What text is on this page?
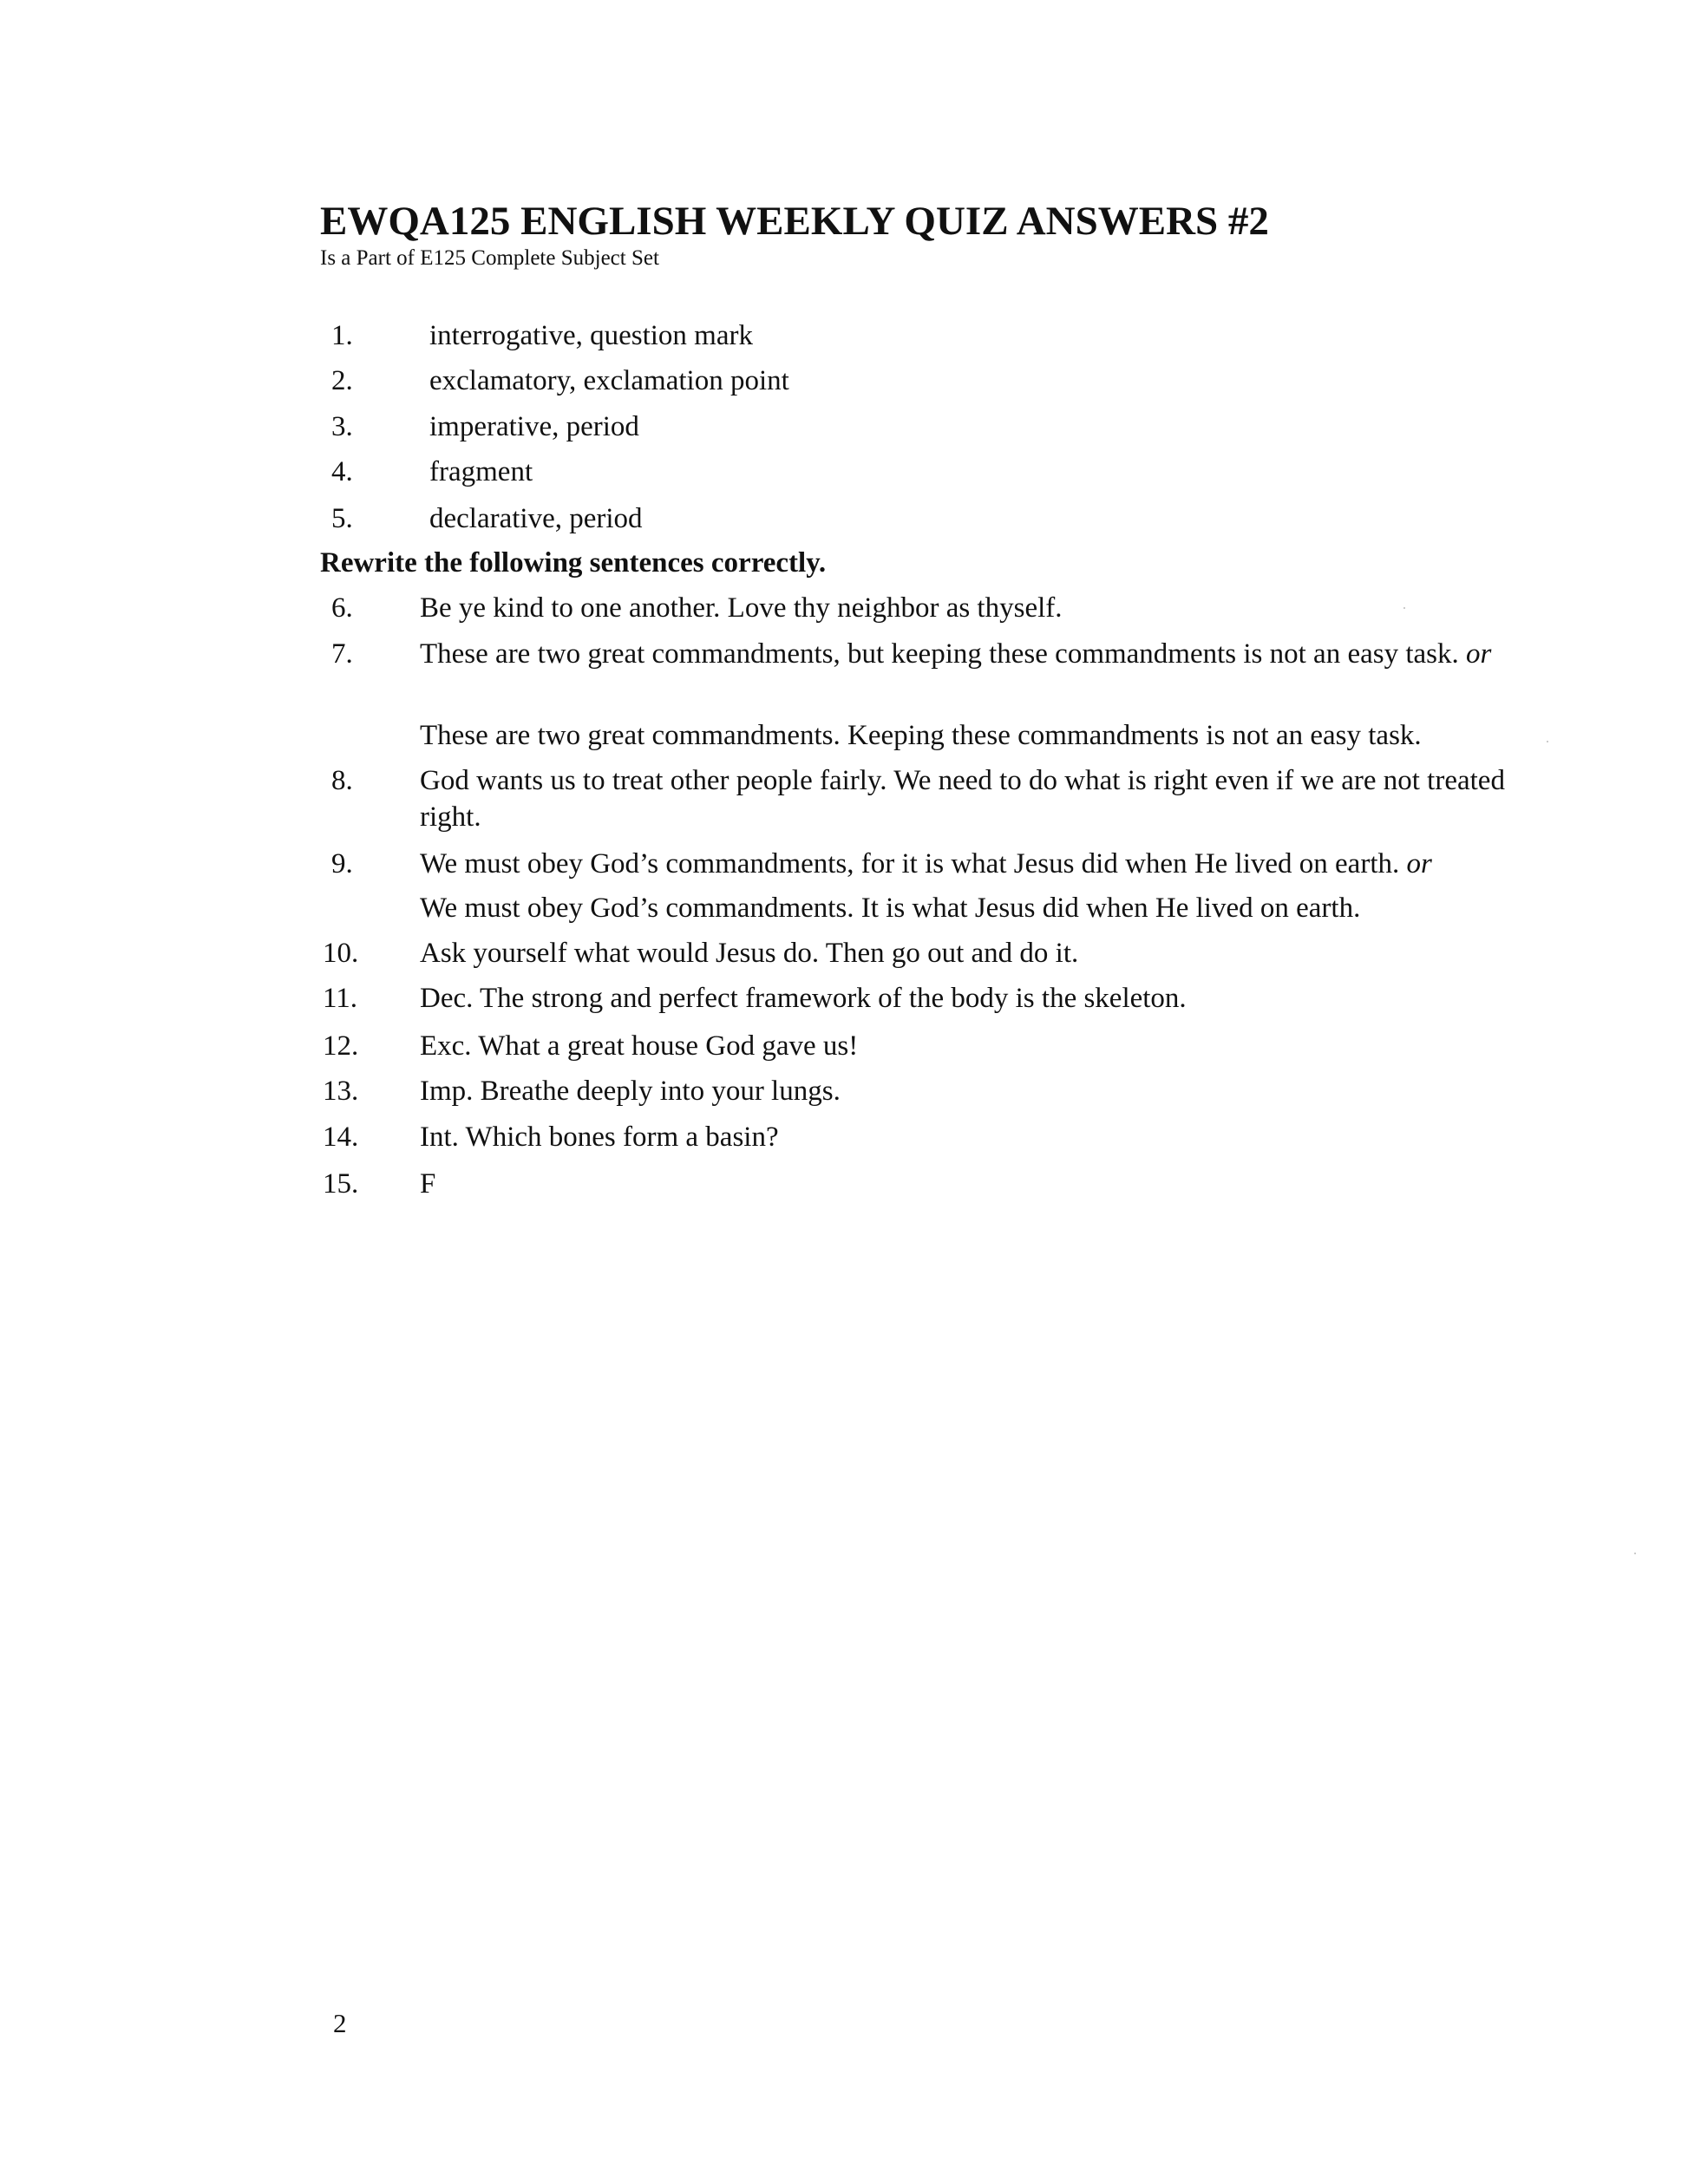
EWQA125 ENGLISH WEEKLY QUIZ ANSWERS #2
Is a Part of E125 Complete Subject Set
1.	interrogative, question mark
2.	exclamatory, exclamation point
3.	imperative, period
4.	fragment
5.	declarative, period
Rewrite the following sentences correctly.
6. Be ye kind to one another. Love thy neighbor as thyself.
7. These are two great commandments, but keeping these commandments is not an easy task. or
These are two great commandments. Keeping these commandments is not an easy task.
8. God wants us to treat other people fairly. We need to do what is right even if we are not treated right.
9. We must obey God’s commandments, for it is what Jesus did when He lived on earth. or
We must obey God’s commandments. It is what Jesus did when He lived on earth.
10. Ask yourself what would Jesus do. Then go out and do it.
11. Dec. The strong and perfect framework of the body is the skeleton.
12. Exc. What a great house God gave us!
13. Imp. Breathe deeply into your lungs.
14. Int. Which bones form a basin?
15. F
2
